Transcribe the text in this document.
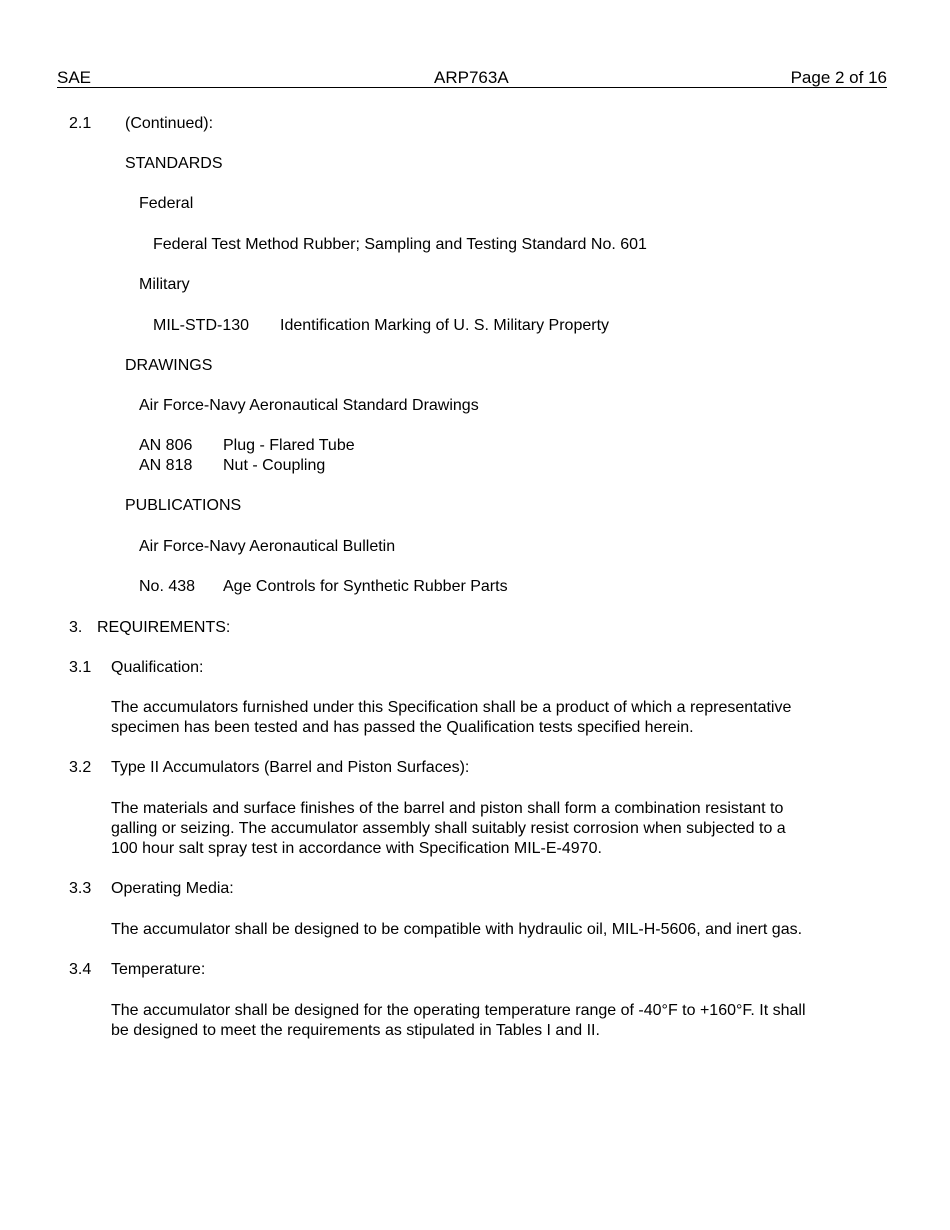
SAE	ARP763A	Page 2 of 16
2.1 (Continued):
STANDARDS
Federal
Federal Test Method Rubber; Sampling and Testing Standard No. 601
Military
MIL-STD-130 Identification Marking of U. S. Military Property
DRAWINGS
Air Force-Navy Aeronautical Standard Drawings
AN 806 Plug - Flared Tube
AN 818 Nut - Coupling
PUBLICATIONS
Air Force-Navy Aeronautical Bulletin
No. 438 Age Controls for Synthetic Rubber Parts
3. REQUIREMENTS:
3.1 Qualification:
The accumulators furnished under this Specification shall be a product of which a representative
specimen has been tested and has passed the Qualification tests specified herein.
3.2 Type II Accumulators (Barrel and Piston Surfaces):
The materials and surface finishes of the barrel and piston shall form a combination resistant to
galling or seizing. The accumulator assembly shall suitably resist corrosion when subjected to a
100 hour salt spray test in accordance with Specification MIL-E-4970.
3.3 Operating Media:
The accumulator shall be designed to be compatible with hydraulic oil, MIL-H-5606, and inert gas.
3.4 Temperature:
The accumulator shall be designed for the operating temperature range of -40°F to +160°F. It shall
be designed to meet the requirements as stipulated in Tables I and II.
